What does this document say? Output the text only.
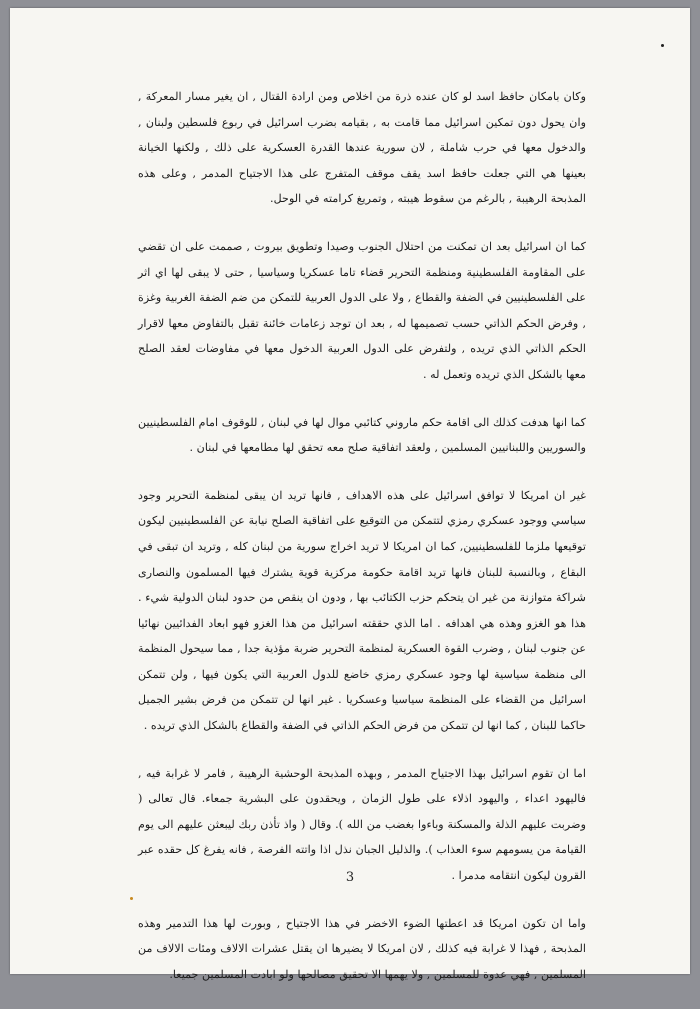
وكان بامكان حافظ اسد لو كان عنده ذرة من اخلاص ومن ارادة القتال , ان يغير مسار المعركة , وان يحول دون تمكين اسرائيل مما قامت به , بقيامه بضرب اسرائيل في ربوع فلسطين ولبنان , والدخول معها في حرب شاملة , لان سورية عندها القدرة العسكرية على ذلك , ولكنها الخيانة بعينها هي التي جعلت حافظ اسد يقف موقف المتفرج على هذا الاجتياح المدمر , وعلى هذه المذبحة الرهيبة , بالرغم من سقوط هيبته , وتمريغ كرامته في الوحل.

كما ان اسرائيل بعد ان تمكنت من احتلال الجنوب وصيدا وتطويق بيروت , صممت على ان تقضي على المقاومة الفلسطينية ومنظمة التحرير قضاء تاما عسكريا وسياسيا , حتى لا يبقى لها اي اثر على الفلسطينيين في الضفة والقطاع , ولا على الدول العربية للتمكن من ضم الضفة الغربية وغزة , وفرض الحكم الذاتي حسب تصميمها له , بعد ان توجد زعامات خائنة تقبل بالتفاوض معها لاقرار الحكم الذاتي الذي تريده , ولتفرض على الدول العربية الدخول معها في مفاوضات لعقد الصلح معها بالشكل الذي تريده وتعمل له .

كما انها هدفت كذلك الى اقامة حكم ماروني كتائبي موال لها في لبنان , للوقوف امام الفلسطينيين والسوريين واللبنانيين المسلمين , ولعقد اتفاقية صلح معه تحقق لها مطامعها في لبنان .

غير ان امريكا لا توافق اسرائيل على هذه الاهداف , فانها تريد ان يبقى لمنظمة التحرير وجود سياسي ووجود عسكري رمزي لتتمكن من التوقيع على اتفاقية الصلح نيابة عن الفلسطينيين ليكون توقيعها ملزما للفلسطينيين, كما ان امريكا لا تريد اخراج سورية من لبنان كله , وتريد ان تبقى في البقاع , وبالنسبة للبنان فانها تريد اقامة حكومة مركزية قوية يشترك فيها المسلمون والنصارى شراكة متوازنة من غير ان يتحكم حزب الكتائب بها , ودون ان ينقص من حدود لبنان الدولية شيء . هذا هو الغزو وهذه هي اهدافه . اما الذي حققته اسرائيل من هذا الغزو فهو ابعاد الفدائيين نهائيا عن جنوب لبنان , وضرب القوة العسكرية لمنظمة التحرير ضربة مؤذية جدا , مما سيحول المنظمة الى منظمة سياسية لها وجود عسكري رمزي خاضع للدول العربية التي يكون فيها , ولن تتمكن اسرائيل من القضاء على المنظمة سياسيا وعسكريا . غير انها لن تتمكن من فرض بشير الجميل حاكما للبنان , كما انها لن تتمكن من فرض الحكم الذاتي في الضفة والقطاع بالشكل الذي تريده .

اما ان تقوم اسرائيل بهذا الاجتياح المدمر , وبهذه المذبحة الوحشية الرهيبة , فامر لا غرابة فيه , فاليهود اعداء , واليهود اذلاء على طول الزمان , ويحقدون على البشرية جمعاء. قال تعالى ( وضربت عليهم الذلة والمسكنة وباءوا بغضب من الله ). وقال ( واذ تأذن ربك ليبعثن عليهم الى يوم القيامة من يسومهم سوء العذاب ). والذليل الجبان نذل اذا واتته الفرصة , فانه يفرغ كل حقده عبر القرون ليكون انتقامه مدمرا .

واما ان تكون امريكا قد اعطتها الضوء الاخضر في هذا الاجتياح , وبورت لها هذا التدمير وهذه المذبحة , فهذا لا غرابة فيه كذلك , لان امريكا لا يضيرها ان يقتل عشرات الالاف ومئات الالاف من المسلمين , فهي عدوة للمسلمين , ولا يهمها الا تحقيق مصالحها ولو ابادت المسلمين جميعا.

3
